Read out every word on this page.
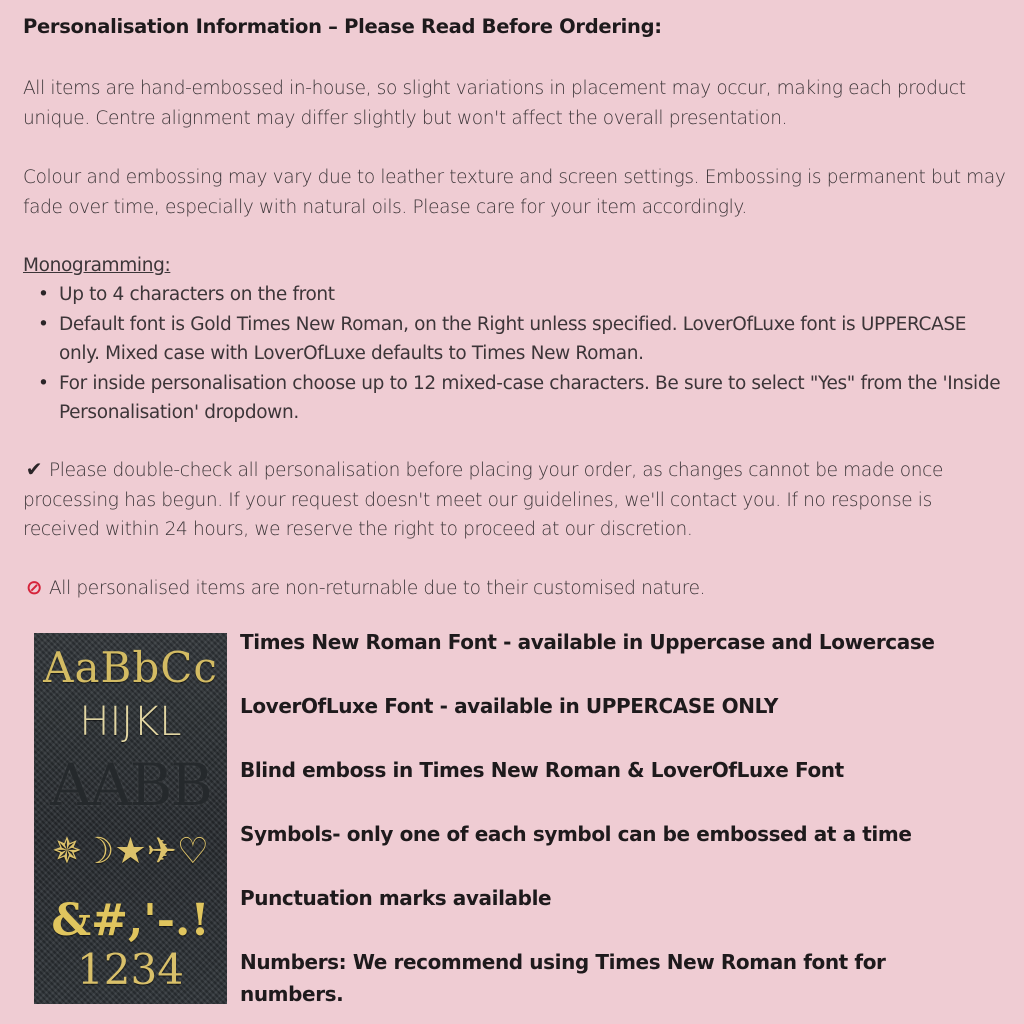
Personalisation Information – Please Read Before Ordering:
All items are hand-embossed in-house, so slight variations in placement may occur, making each product unique. Centre alignment may differ slightly but won't affect the overall presentation.
Colour and embossing may vary due to leather texture and screen settings. Embossing is permanent but may fade over time, especially with natural oils. Please care for your item accordingly.
Monogramming:
• Up to 4 characters on the front
• Default font is Gold Times New Roman, on the Right unless specified. LoverOfLuxe font is UPPERCASE only. Mixed case with LoverOfLuxe defaults to Times New Roman.
• For inside personalisation choose up to 12 mixed-case characters. Be sure to select "Yes" from the 'Inside Personalisation' dropdown.
✔ Please double-check all personalisation before placing your order, as changes cannot be made once processing has begun. If your request doesn't meet our guidelines, we'll contact you. If no response is received within 24 hours, we reserve the right to proceed at our discretion.
⊘ All personalised items are non-returnable due to their customised nature.
AaBbCc
HIJKL
AABB
✵☽★✈♡
&#,'-.!
1234
Times New Roman Font - available in Uppercase and Lowercase
LoverOfLuxe Font - available in UPPERCASE ONLY
Blind emboss in Times New Roman & LoverOfLuxe Font
Symbols- only one of each symbol can be embossed at a time
Punctuation marks available
Numbers: We recommend using Times New Roman font for numbers.
